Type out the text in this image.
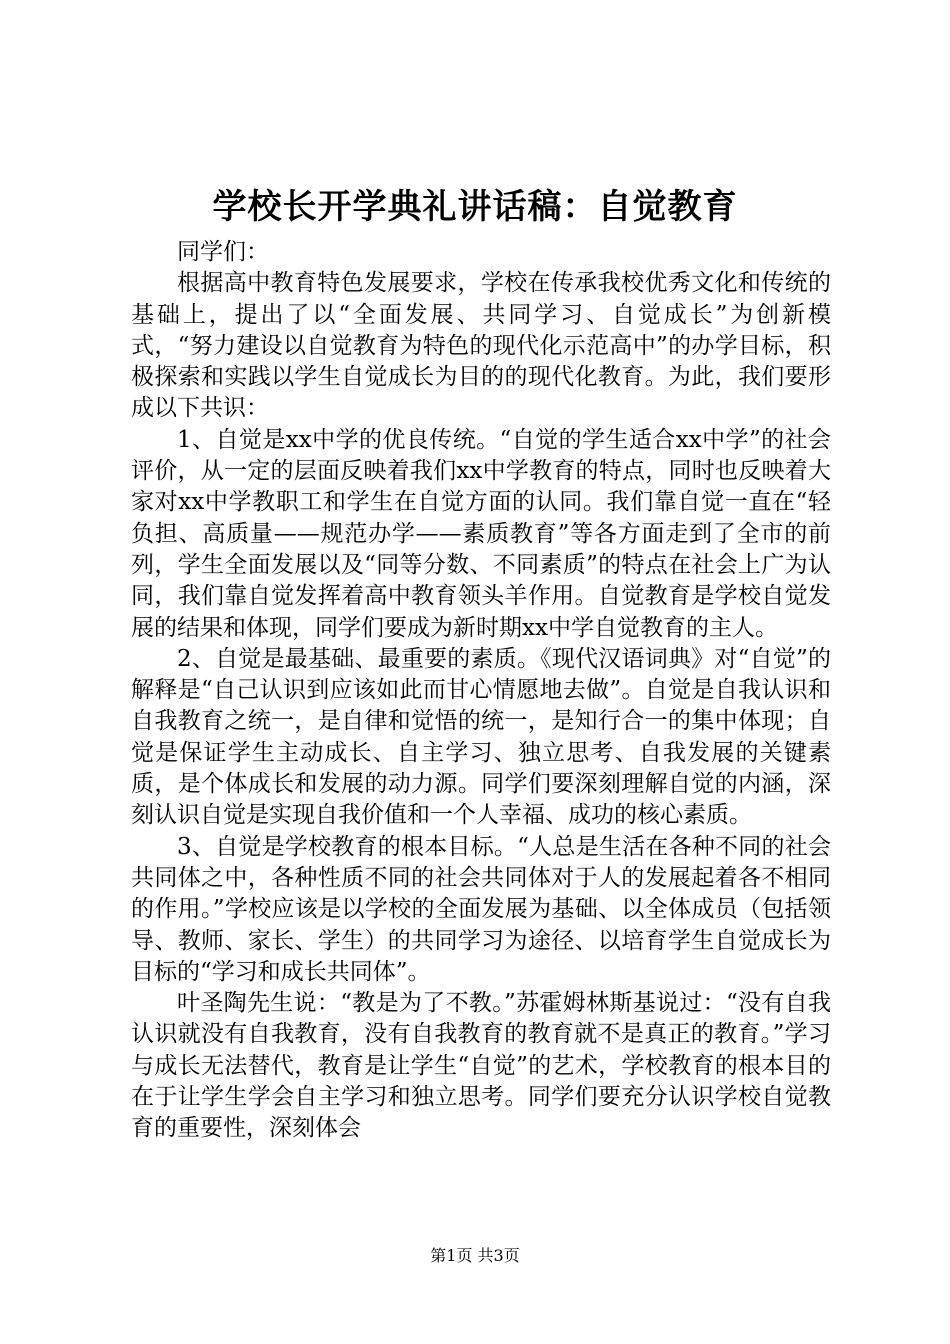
学校长开学典礼讲话稿：自觉教育

同学们：

根据高中教育特色发展要求，学校在传承我校优秀文化和传统的基础上，提出了以“全面发展、共同学习、自觉成长”为创新模式，“努力建设以自觉教育为特色的现代化示范高中”的办学目标，积极探索和实践以学生自觉成长为目的的现代化教育。为此，我们要形成以下共识：

1、自觉是xx中学的优良传统。“自觉的学生适合xx中学”的社会评价，从一定的层面反映着我们xx中学教育的特点，同时也反映着大家对xx中学教职工和学生在自觉方面的认同。我们靠自觉一直在“轻负担、高质量——规范办学——素质教育”等各方面走到了全市的前列，学生全面发展以及“同等分数、不同素质”的特点在社会上广为认同，我们靠自觉发挥着高中教育领头羊作用。自觉教育是学校自觉发展的结果和体现，同学们要成为新时期xx中学自觉教育的主人。

2、自觉是最基础、最重要的素质。《现代汉语词典》对“自觉”的解释是“自己认识到应该如此而甘心情愿地去做”。自觉是自我认识和自我教育之统一，是自律和觉悟的统一，是知行合一的集中体现；自觉是保证学生主动成长、自主学习、独立思考、自我发展的关键素质，是个体成长和发展的动力源。同学们要深刻理解自觉的内涵，深刻认识自觉是实现自我价值和一个人幸福、成功的核心素质。

3、自觉是学校教育的根本目标。“人总是生活在各种不同的社会共同体之中，各种性质不同的社会共同体对于人的发展起着各不相同的作用。”学校应该是以学校的全面发展为基础、以全体成员（包括领导、教师、家长、学生）的共同学习为途径、以培育学生自觉成长为目标的“学习和成长共同体”。

叶圣陶先生说：“教是为了不教。”苏霍姆林斯基说过：“没有自我认识就没有自我教育，没有自我教育的教育就不是真正的教育。”学习与成长无法替代，教育是让学生“自觉”的艺术，学校教育的根本目的在于让学生学会自主学习和独立思考。同学们要充分认识学校自觉教育的重要性，深刻体会

第1页 共3页
